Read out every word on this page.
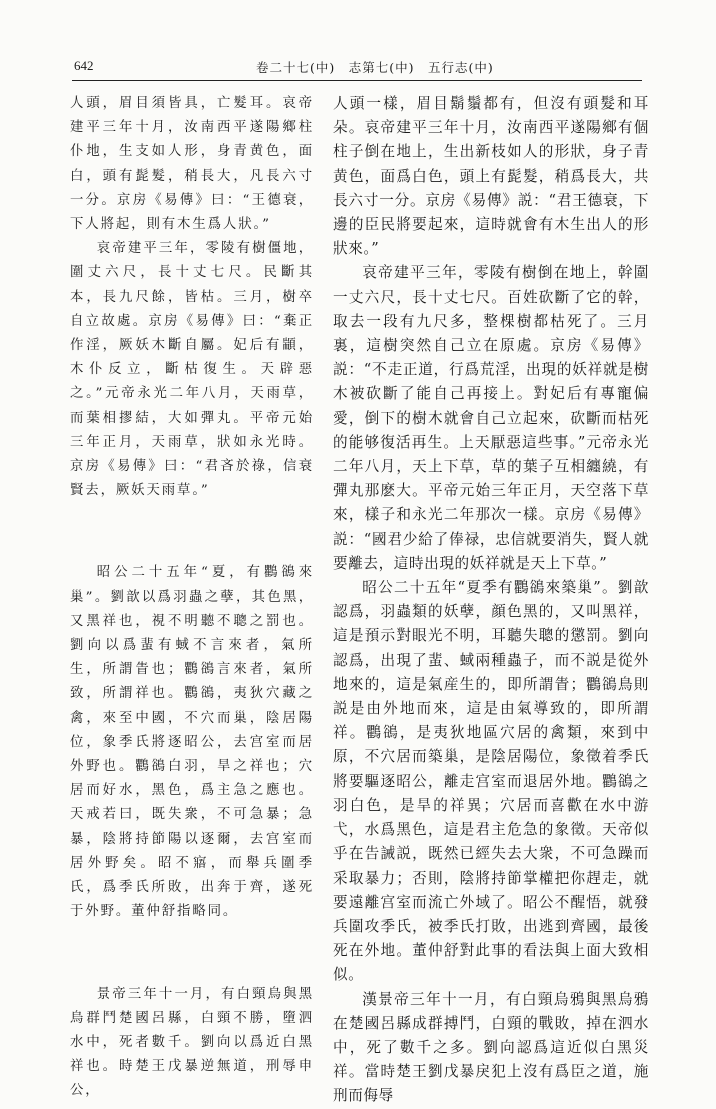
642	卷二十七(中)　志第七(中)　五行志(中)

人頭，眉目須皆具，亡髮耳。哀帝建平三年十月，汝南西平遂陽鄉柱仆地，生支如人形，身青黄色，面白，頭有髭髮，稍長大，凡長六寸一分。京房《易傳》曰：“王德衰，下人將起，則有木生爲人狀。”

哀帝建平三年，零陵有樹僵地，圍丈六尺，長十丈七尺。民斷其本，長九尺餘，皆枯。三月，樹卒自立故處。京房《易傳》曰：“棄正作淫，厥妖木斷自屬。妃后有顓，木仆反立，斷枯復生。天辟惡之。”元帝永光二年八月，天雨草，而葉相摎結，大如彈丸。平帝元始三年正月，天雨草，狀如永光時。京房《易傳》曰：“君吝於祿，信衰賢去，厥妖天雨草。”

昭公二十五年“夏，有鸜鵒來巢”。劉歆以爲羽蟲之孽，其色黑，又黑祥也，視不明聽不聰之罰也。劉向以爲蜚有蜮不言來者，氣所生，所謂眚也；鸜鵒言來者，氣所致，所謂祥也。鸜鵒，夷狄穴藏之禽，來至中國，不穴而巢，陰居陽位，象季氏將逐昭公，去宫室而居外野也。鸜鵒白羽，旱之祥也；穴居而好水，黑色，爲主急之應也。天戒若曰，既失衆，不可急暴；急暴，陰將持節陽以逐爾，去宫室而居外野矣。昭不寤，而舉兵圍季氏，爲季氏所敗，出奔于齊，遂死于外野。董仲舒指略同。

景帝三年十一月，有白頸烏與黑烏群鬥楚國呂縣，白頸不勝，墮泗水中，死者數千。劉向以爲近白黑祥也。時楚王戊暴逆無道，刑辱申公，

人頭一樣，眉目鬍鬚都有，但沒有頭髮和耳朵。哀帝建平三年十月，汝南西平遂陽鄉有個柱子倒在地上，生出新枝如人的形狀，身子青黄色，面爲白色，頭上有髭髮，稍爲長大，共長六寸一分。京房《易傳》説：“君王德衰，下邊的臣民將要起來，這時就會有木生出人的形狀來。”

哀帝建平三年，零陵有樹倒在地上，幹圍一丈六尺，長十丈七尺。百姓砍斷了它的幹，取去一段有九尺多，整棵樹都枯死了。三月裏，這樹突然自己立在原處。京房《易傳》説：“不走正道，行爲荒淫，出現的妖祥就是樹木被砍斷了能自己再接上。對妃后有專寵偏愛，倒下的樹木就會自己立起來，砍斷而枯死的能够復活再生。上天厭惡這些事。”元帝永光二年八月，天上下草，草的葉子互相纏繞，有彈丸那麽大。平帝元始三年正月，天空落下草來，樣子和永光二年那次一樣。京房《易傳》説：“國君少給了俸禄，忠信就要消失，賢人就要離去，這時出現的妖祥就是天上下草。”

昭公二十五年“夏季有鸜鵒來築巢”。劉歆認爲，羽蟲類的妖孽，顔色黑的，又叫黑祥，這是預示對眼光不明，耳聽失聰的懲罰。劉向認爲，出現了蜚、蜮兩種蟲子，而不説是從外地來的，這是氣産生的，即所謂眚；鸜鵒鳥則説是由外地而來，這是由氣導致的，即所謂祥。鸜鵒，是夷狄地區穴居的禽類，來到中原，不穴居而築巢，是陰居陽位，象徵着季氏將要驅逐昭公，離走宫室而退居外地。鸜鵒之羽白色，是旱的祥異；穴居而喜歡在水中游弋，水爲黑色，這是君主危急的象徵。天帝似乎在告誡説，既然已經失去大衆，不可急躁而采取暴力；否則，陰將持節掌權把你趕走，就要遠離宫室而流亡外域了。昭公不醒悟，就發兵圍攻季氏，被季氏打敗，出逃到齊國，最後死在外地。董仲舒對此事的看法與上面大致相似。

漢景帝三年十一月，有白頸烏鴉與黑烏鴉在楚國呂縣成群搏鬥，白頸的戰敗，掉在泗水中，死了數千之多。劉向認爲這近似白黑災祥。當時楚王劉戊暴戾犯上沒有爲臣之道，施刑而侮辱
